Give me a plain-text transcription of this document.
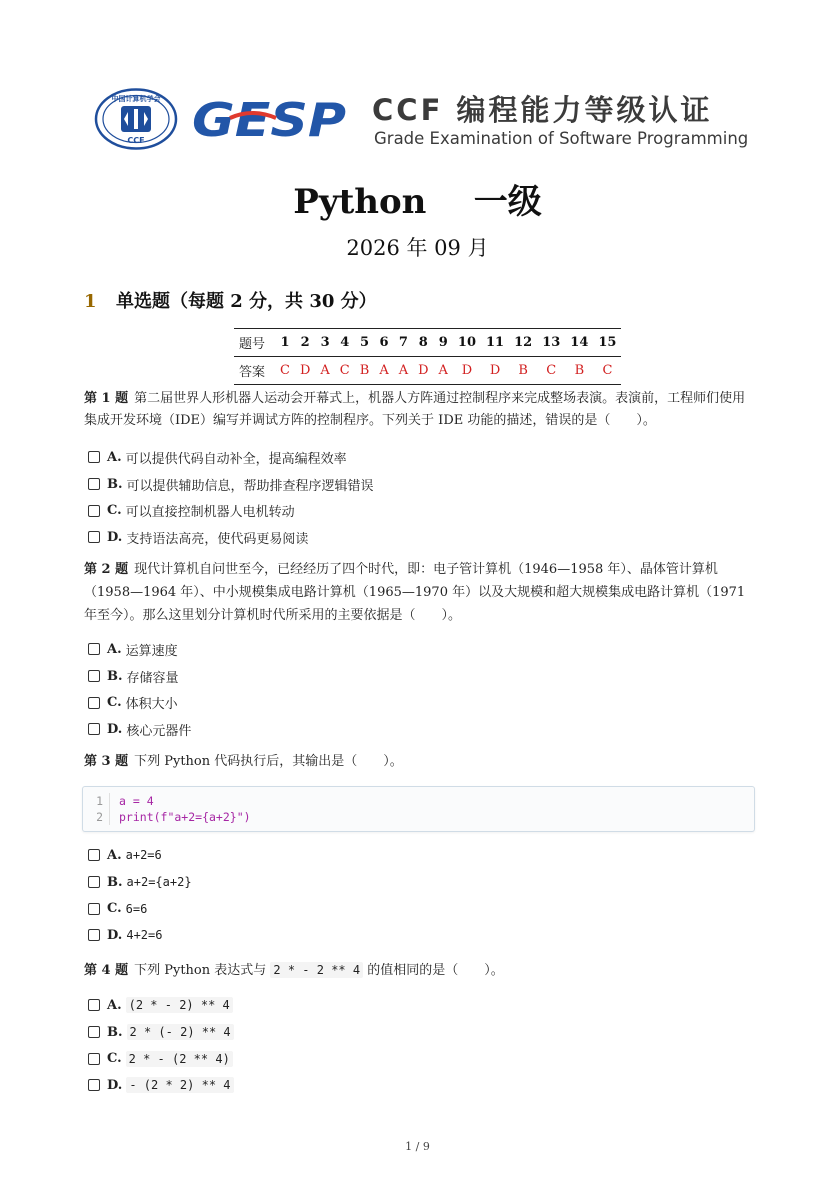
中国计算机学会
CCF GESP CCF 编程能力等级认证
Grade Examination of Software Programming
Python    一级
2026 年 09 月
1 单选题（每题 2 分，共 30 分）
题号	1	2	3	4	5	6	7	8	9	10	11	12	13	14	15
答案	C	D	A	C	B	A	A	D	A	D	D	B	C	B	C
第 1 题 第二届世界人形机器人运动会开幕式上，机器人方阵通过控制程序来完成整场表演。表演前，工程师们使用集成开发环境（IDE）编写并调试方阵的控制程序。下列关于 IDE 功能的描述，错误的是（　　）。
A. 可以提供代码自动补全，提高编程效率
B. 可以提供辅助信息，帮助排查程序逻辑错误
C. 可以直接控制机器人电机转动
D. 支持语法高亮，使代码更易阅读
第 2 题 现代计算机自问世至今，已经经历了四个时代，即：电子管计算机（1946—1958 年）、晶体管计算机（1958—1964 年）、中小规模集成电路计算机（1965—1970 年）以及大规模和超大规模集成电路计算机（1971 年至今）。那么这里划分计算机时代所采用的主要依据是（　　）。
A. 运算速度
B. 存储容量
C. 体积大小
D. 核心元器件
第 3 题 下列 Python 代码执行后，其输出是（　　）。
1 a = 4
2 print(f"a+2={a+2}")
A. a+2=6
B. a+2={a+2}
C. 6=6
D. 4+2=6
第 4 题 下列 Python 表达式与 2 * - 2 ** 4 的值相同的是（　　）。
A. (2 * - 2) ** 4
B. 2 * (- 2) ** 4
C. 2 * - (2 ** 4)
D. - (2 * 2) ** 4
1 / 9
